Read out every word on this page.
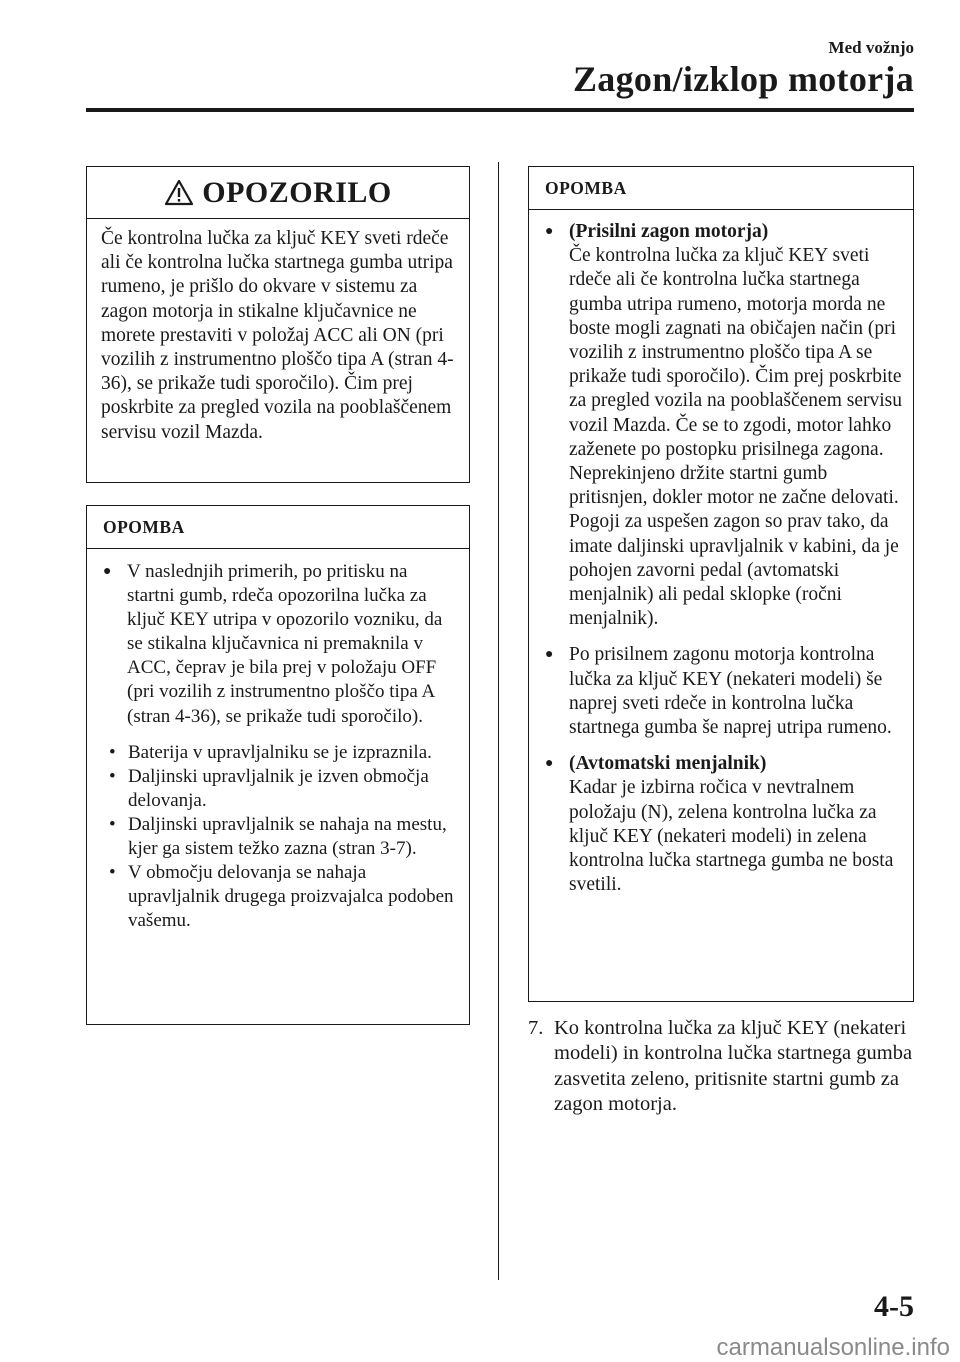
Med vožnjo
Zagon/izklop motorja
OPOZORILO
Če kontrolna lučka za ključ KEY sveti rdeče ali če kontrolna lučka startnega gumba utripa rumeno, je prišlo do okvare v sistemu za zagon motorja in stikalne ključavnice ne morete prestaviti v položaj ACC ali ON (pri vozilih z instrumentno ploščo tipa A (stran 4-36), se prikaže tudi sporočilo). Čim prej poskrbite za pregled vozila na pooblaščenem servisu vozil Mazda.
OPOMBA
● V naslednjih primerih, po pritisku na startni gumb, rdeča opozorilna lučka za ključ KEY utripa v opozorilo vozniku, da se stikalna ključavnica ni premaknila v ACC, čeprav je bila prej v položaju OFF (pri vozilih z instrumentno ploščo tipa A (stran 4-36), se prikaže tudi sporočilo).
• Baterija v upravljalniku se je izpraznila.
• Daljinski upravljalnik je izven območja delovanja.
• Daljinski upravljalnik se nahaja na mestu, kjer ga sistem težko zazna (stran 3-7).
• V območju delovanja se nahaja upravljalnik drugega proizvajalca podoben vašemu.
OPOMBA
● (Prisilni zagon motorja)
Če kontrolna lučka za ključ KEY sveti rdeče ali če kontrolna lučka startnega gumba utripa rumeno, motorja morda ne boste mogli zagnati na običajen način (pri vozilih z instrumentno ploščo tipa A se prikaže tudi sporočilo). Čim prej poskrbite za pregled vozila na pooblaščenem servisu vozil Mazda. Če se to zgodi, motor lahko zaženete po postopku prisilnega zagona. Neprekinjeno držite startni gumb pritisnjen, dokler motor ne začne delovati. Pogoji za uspešen zagon so prav tako, da imate daljinski upravljalnik v kabini, da je pohojen zavorni pedal (avtomatski menjalnik) ali pedal sklopke (ročni menjalnik).
● Po prisilnem zagonu motorja kontrolna lučka za ključ KEY (nekateri modeli) še naprej sveti rdeče in kontrolna lučka startnega gumba še naprej utripa rumeno.
● (Avtomatski menjalnik)
Kadar je izbirna ročica v nevtralnem položaju (N), zelena kontrolna lučka za ključ KEY (nekateri modeli) in zelena kontrolna lučka startnega gumba ne bosta svetili.
7. Ko kontrolna lučka za ključ KEY (nekateri modeli) in kontrolna lučka startnega gumba zasvetita zeleno, pritisnite startni gumb za zagon motorja.
4-5
carmanualsonline.info
